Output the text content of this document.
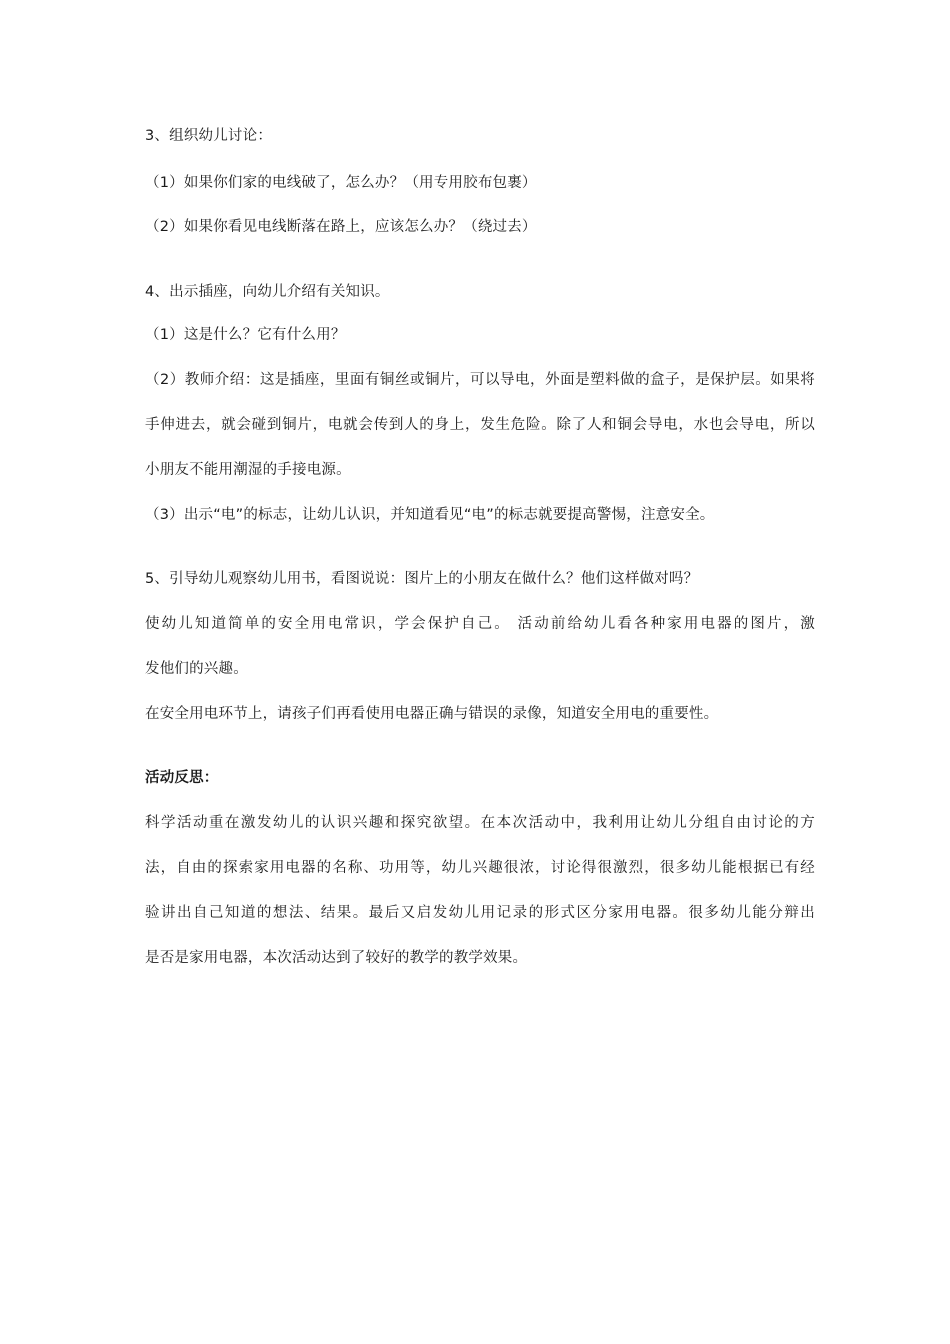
3、组织幼儿讨论：
（1）如果你们家的电线破了，怎么办？（用专用胶布包裹）
（2）如果你看见电线断落在路上，应该怎么办？（绕过去）
4、出示插座，向幼儿介绍有关知识。
（1）这是什么？它有什么用？
（2）教师介绍：这是插座，里面有铜丝或铜片，可以导电，外面是塑料做的盒子，是保护层。如果将
手伸进去，就会碰到铜片，电就会传到人的身上，发生危险。除了人和铜会导电，水也会导电，所以
小朋友不能用潮湿的手接电源。
（3）出示“电”的标志，让幼儿认识，并知道看见“电”的标志就要提高警惕，注意安全。
5、引导幼儿观察幼儿用书，看图说说：图片上的小朋友在做什么？他们这样做对吗？
使幼儿知道简单的安全用电常识，学会保护自己。 活动前给幼儿看各种家用电器的图片，激
发他们的兴趣。
在安全用电环节上，请孩子们再看使用电器正确与错误的录像，知道安全用电的重要性。
活动反思：
科学活动重在激发幼儿的认识兴趣和探究欲望。在本次活动中，我利用让幼儿分组自由讨论的方
法，自由的探索家用电器的名称、功用等，幼儿兴趣很浓，讨论得很激烈，很多幼儿能根据已有经
验讲出自己知道的想法、结果。最后又启发幼儿用记录的形式区分家用电器。很多幼儿能分辩出
是否是家用电器，本次活动达到了较好的教学的教学效果。
